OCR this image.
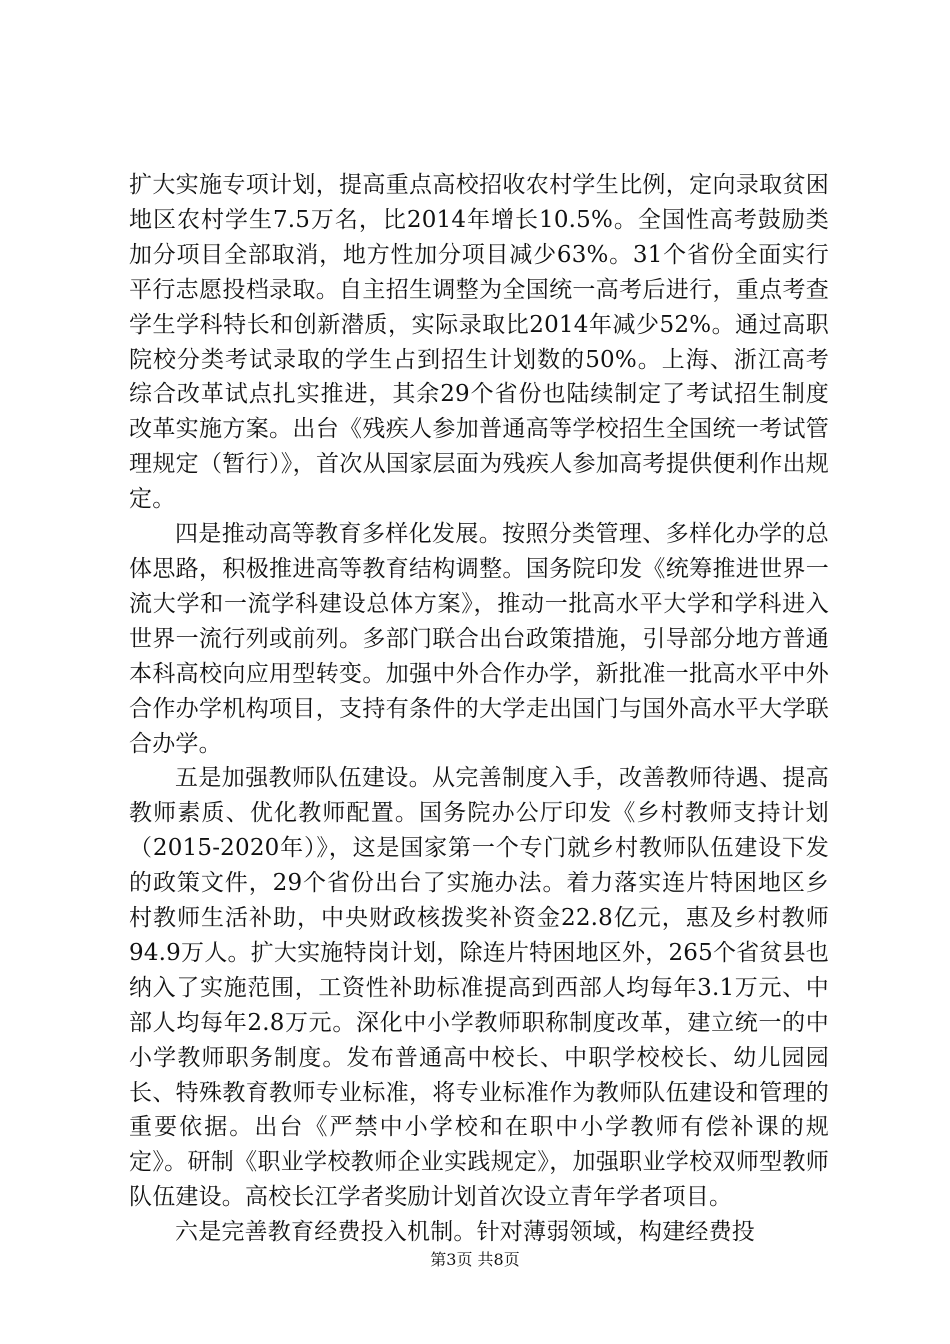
扩大实施专项计划，提高重点高校招收农村学生比例，定向录取贫困地区农村学生7.5万名，比2014年增长10.5%。全国性高考鼓励类加分项目全部取消，地方性加分项目减少63%。31个省份全面实行平行志愿投档录取。自主招生调整为全国统一高考后进行，重点考查学生学科特长和创新潜质，实际录取比2014年减少52%。通过高职院校分类考试录取的学生占到招生计划数的50%。上海、浙江高考综合改革试点扎实推进，其余29个省份也陆续制定了考试招生制度改革实施方案。出台《残疾人参加普通高等学校招生全国统一考试管理规定（暂行）》，首次从国家层面为残疾人参加高考提供便利作出规定。

四是推动高等教育多样化发展。按照分类管理、多样化办学的总体思路，积极推进高等教育结构调整。国务院印发《统筹推进世界一流大学和一流学科建设总体方案》，推动一批高水平大学和学科进入世界一流行列或前列。多部门联合出台政策措施，引导部分地方普通本科高校向应用型转变。加强中外合作办学，新批准一批高水平中外合作办学机构项目，支持有条件的大学走出国门与国外高水平大学联合办学。

五是加强教师队伍建设。从完善制度入手，改善教师待遇、提高教师素质、优化教师配置。国务院办公厅印发《乡村教师支持计划（2015-2020年）》，这是国家第一个专门就乡村教师队伍建设下发的政策文件，29个省份出台了实施办法。着力落实连片特困地区乡村教师生活补助，中央财政核拨奖补资金22.8亿元，惠及乡村教师94.9万人。扩大实施特岗计划，除连片特困地区外，265个省贫县也纳入了实施范围，工资性补助标准提高到西部人均每年3.1万元、中部人均每年2.8万元。深化中小学教师职称制度改革，建立统一的中小学教师职务制度。发布普通高中校长、中职学校校长、幼儿园园长、特殊教育教师专业标准，将专业标准作为教师队伍建设和管理的重要依据。出台《严禁中小学校和在职中小学教师有偿补课的规定》。研制《职业学校教师企业实践规定》，加强职业学校双师型教师队伍建设。高校长江学者奖励计划首次设立青年学者项目。

六是完善教育经费投入机制。针对薄弱领域，构建经费投

第3页 共8页
